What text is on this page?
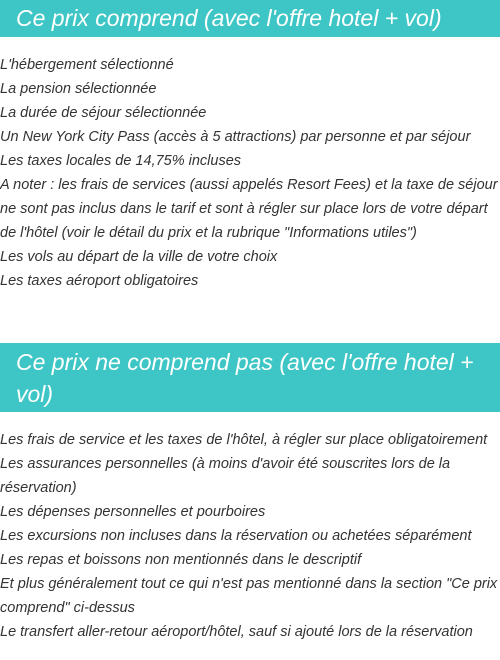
Ce prix comprend (avec l'offre hotel + vol)
L'hébergement sélectionné
La pension sélectionnée
La durée de séjour sélectionnée
Un New York City Pass (accès à 5 attractions) par personne et par séjour
Les taxes locales de 14,75% incluses
A noter : les frais de services (aussi appelés Resort Fees) et la taxe de séjour ne sont pas inclus dans le tarif et sont à régler sur place lors de votre départ de l'hôtel (voir le détail du prix et la rubrique "Informations utiles")
Les vols au départ de la ville de votre choix
Les taxes aéroport obligatoires
Ce prix ne comprend pas (avec l'offre hotel + vol)
Les frais de service et les taxes de l'hôtel, à régler sur place obligatoirement
Les assurances personnelles (à moins d'avoir été souscrites lors de la réservation)
Les dépenses personnelles et pourboires
Les excursions non incluses dans la réservation ou achetées séparément
Les repas et boissons non mentionnés dans le descriptif
Et plus généralement tout ce qui n'est pas mentionné dans la section "Ce prix comprend" ci-dessus
Le transfert aller-retour aéroport/hôtel, sauf si ajouté lors de la réservation
